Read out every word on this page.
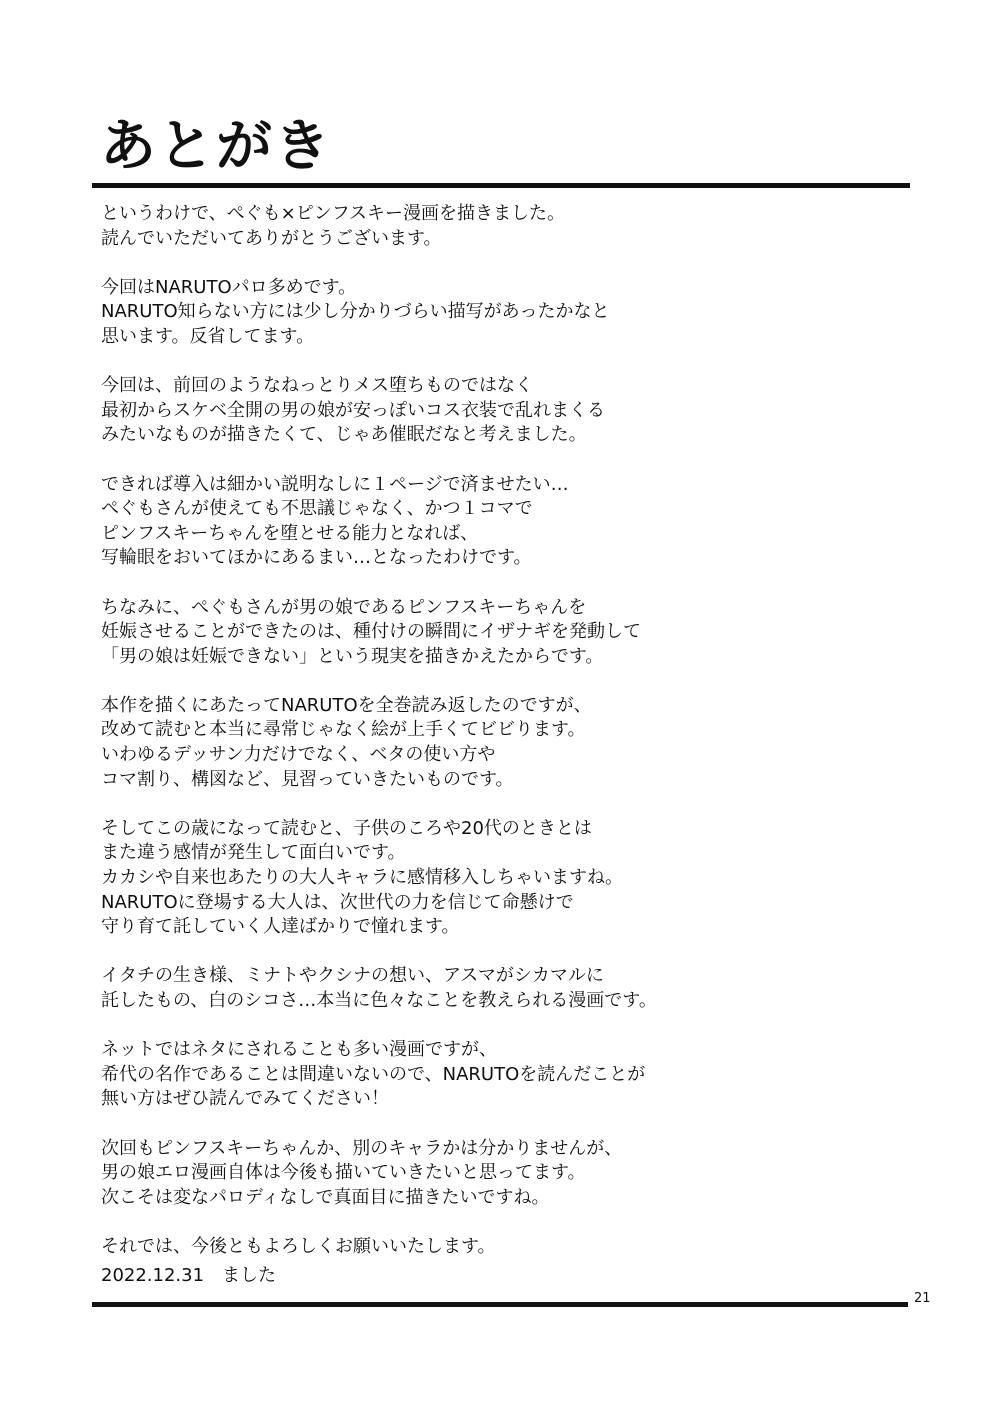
あとがき

というわけで、ぺぐも×ピンフスキー漫画を描きました。
読んでいただいてありがとうございます。

今回はNARUTOパロ多めです。
NARUTO知らない方には少し分かりづらい描写があったかなと
思います。反省してます。

今回は、前回のようなねっとりメス堕ちものではなく
最初からスケベ全開の男の娘が安っぽいコス衣装で乱れまくる
みたいなものが描きたくて、じゃあ催眠だなと考えました。

できれば導入は細かい説明なしに１ページで済ませたい…
ぺぐもさんが使えても不思議じゃなく、かつ１コマで
ピンフスキーちゃんを堕とせる能力となれば、
写輪眼をおいてほかにあるまい…となったわけです。

ちなみに、ぺぐもさんが男の娘であるピンフスキーちゃんを
妊娠させることができたのは、種付けの瞬間にイザナギを発動して
「男の娘は妊娠できない」という現実を描きかえたからです。

本作を描くにあたってNARUTOを全巻読み返したのですが、
改めて読むと本当に尋常じゃなく絵が上手くてビビります。
いわゆるデッサン力だけでなく、ベタの使い方や
コマ割り、構図など、見習っていきたいものです。

そしてこの歳になって読むと、子供のころや20代のときとは
また違う感情が発生して面白いです。
カカシや自来也あたりの大人キャラに感情移入しちゃいますね。
NARUTOに登場する大人は、次世代の力を信じて命懸けで
守り育て託していく人達ばかりで憧れます。

イタチの生き様、ミナトやクシナの想い、アスマがシカマルに
託したもの、白のシコさ…本当に色々なことを教えられる漫画です。

ネットではネタにされることも多い漫画ですが、
希代の名作であることは間違いないので、NARUTOを読んだことが
無い方はぜひ読んでみてください！

次回もピンフスキーちゃんか、別のキャラかは分かりませんが、
男の娘エロ漫画自体は今後も描いていきたいと思ってます。
次こそは変なパロディなしで真面目に描きたいですね。

それでは、今後ともよろしくお願いいたします。

2022.12.31　ました

21
